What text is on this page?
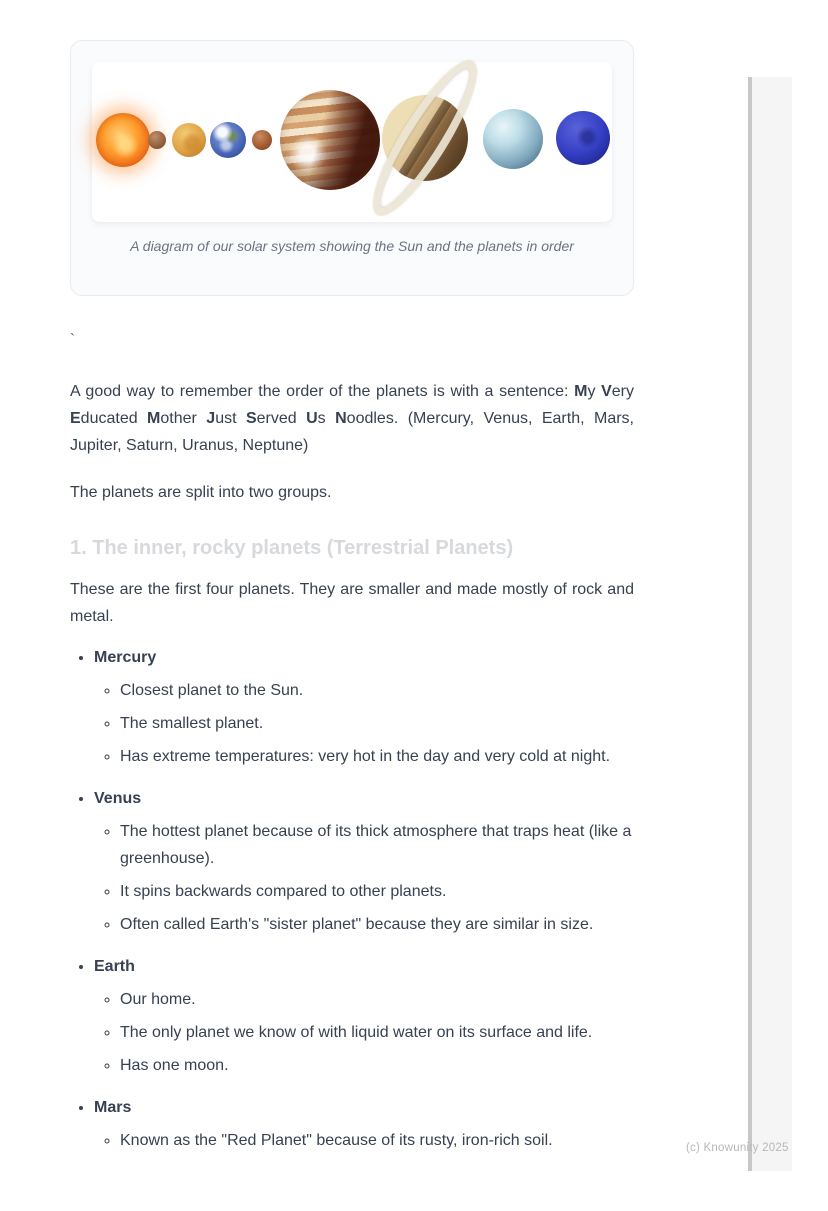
A diagram of our solar system showing the Sun and the planets in order

`

A good way to remember the order of the planets is with a sentence: My Very Educated Mother Just Served Us Noodles. (Mercury, Venus, Earth, Mars, Jupiter, Saturn, Uranus, Neptune)

The planets are split into two groups.

1. The inner, rocky planets (Terrestrial Planets)

These are the first four planets. They are smaller and made mostly of rock and metal.

• Mercury
◦ Closest planet to the Sun.
◦ The smallest planet.
◦ Has extreme temperatures: very hot in the day and very cold at night.
• Venus
◦ The hottest planet because of its thick atmosphere that traps heat (like a greenhouse).
◦ It spins backwards compared to other planets.
◦ Often called Earth's "sister planet" because they are similar in size.
• Earth
◦ Our home.
◦ The only planet we know of with liquid water on its surface and life.
◦ Has one moon.
• Mars
◦ Known as the "Red Planet" because of its rusty, iron-rich soil.	(c) Knowunity 2025
